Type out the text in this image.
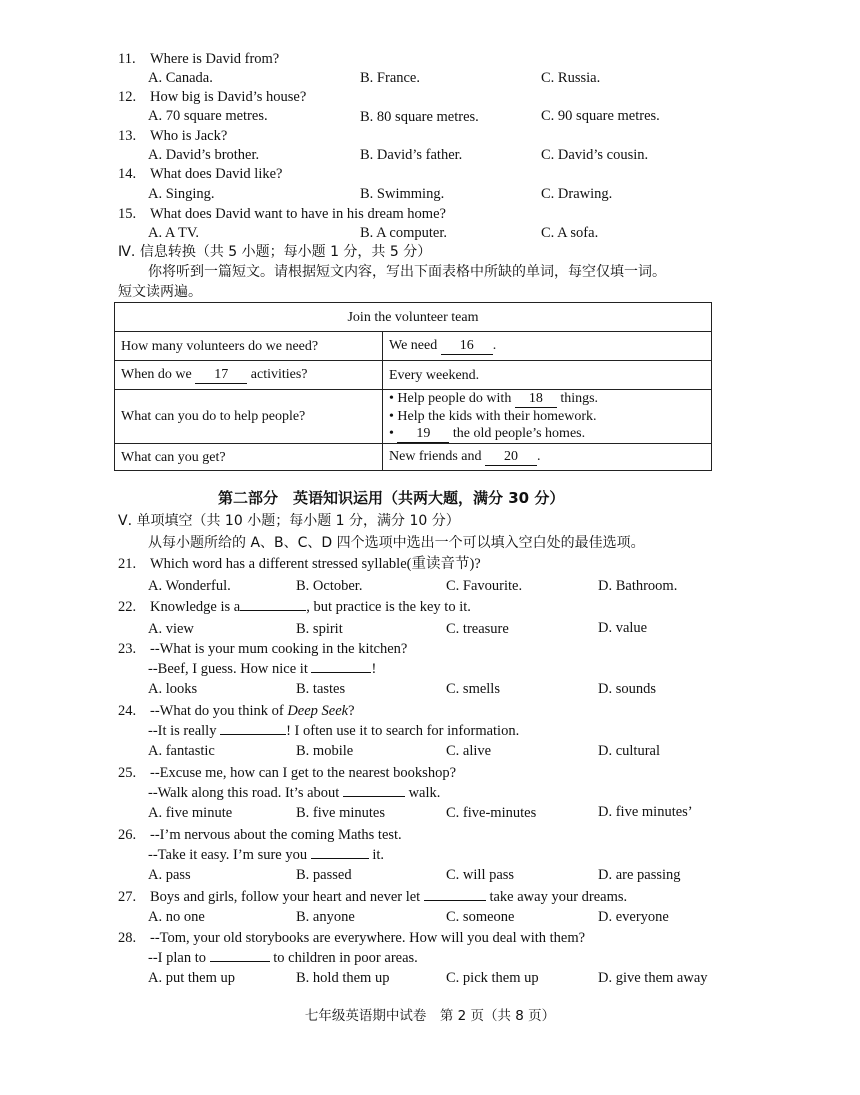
11. Where is David from?
A. Canada.	B. France.	C. Russia.
12. How big is David’s house?
A. 70 square metres.	B. 80 square metres.	C. 90 square metres.
13. Who is Jack?
A. David’s brother.	B. David’s father.	C. David’s cousin.
14. What does David like?
A. Singing.	B. Swimming.	C. Drawing.
15. What does David want to have in his dream home?
A. A TV.	B. A computer.	C. A sofa.
Ⅳ. 信息转换（共 5 小题；每小题 1 分，共 5 分）
你将听到一篇短文。请根据短文内容，写出下面表格中所缺的单词，每空仅填一词。
短文读两遍。
Join the volunteer team	
How many volunteers do we need?	We need 16 .
When do we 17 activities?	Every weekend.
What can you do to help people?	• Help people do with 18 things.
• Help the kids with their homework.
• 19 the old people’s homes.

What can you get?	New friends and 20 .
第二部分　英语知识运用（共两大题，满分 30 分）
Ⅴ. 单项填空（共 10 小题；每小题 1 分，满分 10 分）
从每小题所给的 A、B、C、D 四个选项中选出一个可以填入空白处的最佳选项。
21. Which word has a different stressed syllable(重读音节)?
A. Wonderful.	B. October.	C. Favourite.	D. Bathroom.
22. Knowledge is a	, but practice is the key to it.
A. view	B. spirit	C. treasure	D. value
23. --What is your mum cooking in the kitchen?
--Beef, I guess. How nice it	!
A. looks	B. tastes	C. smells	D. sounds
24. --What do you think of Deep Seek?
--It is really	! I often use it to search for information.
A. fantastic	B. mobile	C. alive	D. cultural
25. --Excuse me, how can I get to the nearest bookshop?
--Walk along this road. It’s about	walk.
A. five minute	B. five minutes	C. five-minutes	D. five minutes’
26. --I’m nervous about the coming Maths test.
--Take it easy. I’m sure you	it.
A. pass	B. passed	C. will pass	D. are passing
27. Boys and girls, follow your heart and never let	take away your dreams.
A. no one	B. anyone	C. someone	D. everyone
28. --Tom, your old storybooks are everywhere. How will you deal with them?
--I plan to	to children in poor areas.
A. put them up	B. hold them up	C. pick them up	D. give them away
七年级英语期中试卷　第 2 页（共 8 页）
